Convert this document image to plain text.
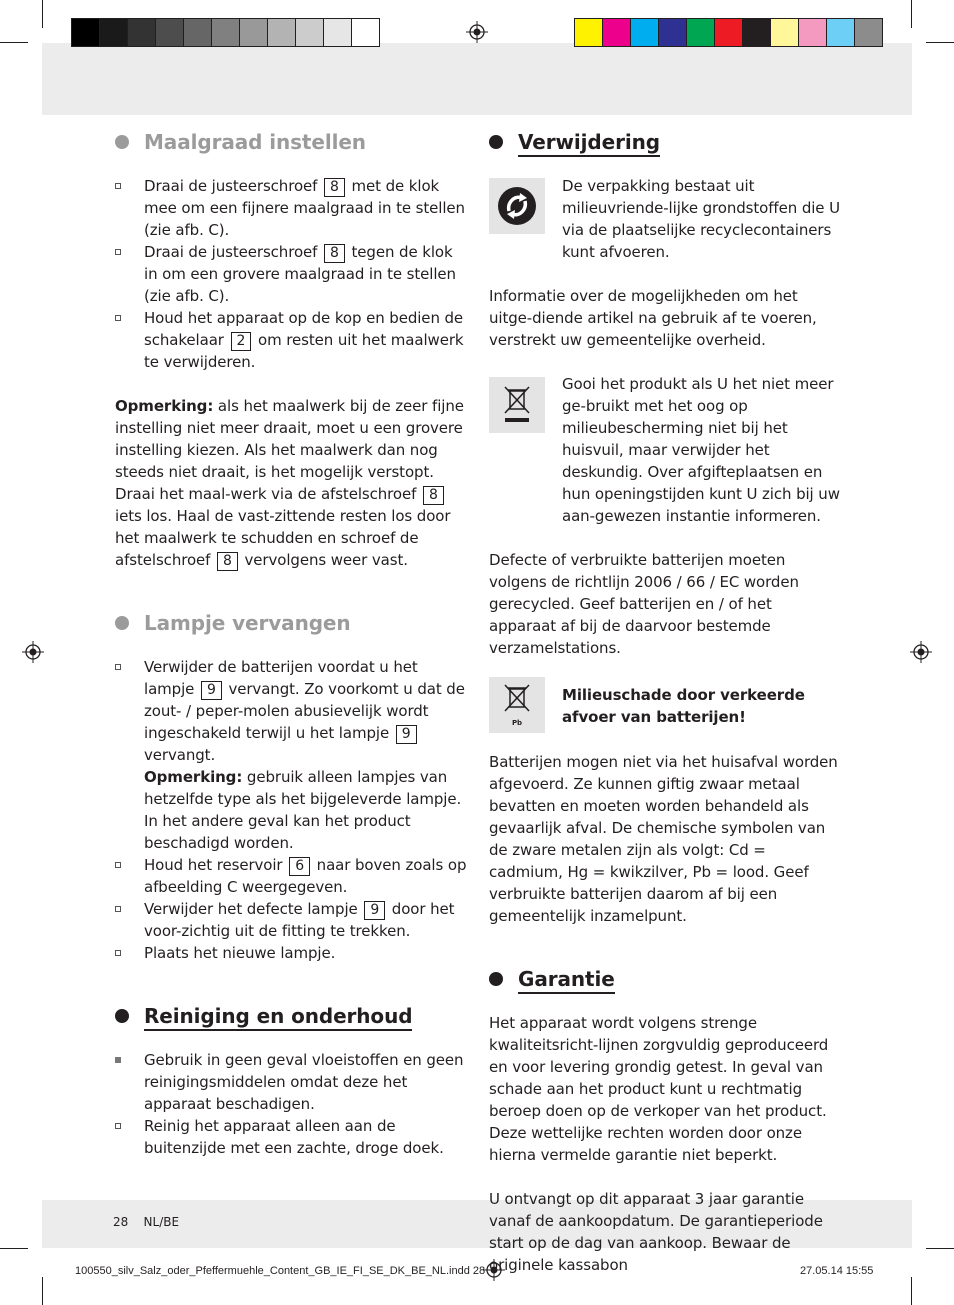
Maalgraad instellen
Draai de justeerschroef 8 met de klok mee om een fijnere maalgraad in te stellen (zie afb. C).
Draai de justeerschroef 8 tegen de klok in om een grovere maalgraad in te stellen (zie afb. C).
Houd het apparaat op de kop en bedien de schakelaar 2 om resten uit het maalwerk te verwijderen.

Opmerking: als het maalwerk bij de zeer fijne instelling niet meer draait, moet u een grovere instelling kiezen. Als het maalwerk dan nog steeds niet draait, is het mogelijk verstopt. Draai het maal-werk via de afstelschroef 8 iets los. Haal de vast-zittende resten los door het maalwerk te schudden en schroef de afstelschroef 8 vervolgens weer vast.

Lampje vervangen
Verwijder de batterijen voordat u het lampje 9 vervangt. Zo voorkomt u dat de zout- / peper-molen abusievelijk wordt ingeschakeld terwijl u het lampje 9 vervangt.
Opmerking: gebruik alleen lampjes van hetzelfde type als het bijgeleverde lampje. In het andere geval kan het product beschadigd worden.
Houd het reservoir 6 naar boven zoals op afbeelding C weergegeven.
Verwijder het defecte lampje 9 door het voor-zichtig uit de fitting te trekken.
Plaats het nieuwe lampje.
Reiniging en onderhoud
Gebruik in geen geval vloeistoffen en geen reinigingsmiddelen omdat deze het apparaat beschadigen.
Reinig het apparaat alleen aan de buitenzijde met een zachte, droge doek.
Verwijdering

De verpakking bestaat uit milieuvriende-lijke grondstoffen die U via de plaatselijke recyclecontainers kunt afvoeren.

Informatie over de mogelijkheden om het uitge-diende artikel na gebruik af te voeren, verstrekt uw gemeentelijke overheid.

Gooi het produkt als U het niet meer ge-bruikt met het oog op milieubescherming niet bij het huisvuil, maar verwijder het deskundig. Over afgifteplaatsen en hun openingstijden kunt U zich bij uw aan-gewezen instantie informeren.

Defecte of verbruikte batterijen moeten volgens de richtlijn 2006 / 66 / EC worden gerecycled. Geef batterijen en / of het apparaat af bij de daarvoor bestemde verzamelstations.

Pb

Milieuschade door verkeerde afvoer van batterijen!

Batterijen mogen niet via het huisafval worden afgevoerd. Ze kunnen giftig zwaar metaal bevatten en moeten worden behandeld als gevaarlijk afval. De chemische symbolen van de zware metalen zijn als volgt: Cd = cadmium, Hg = kwikzilver, Pb = lood. Geef verbruikte batterijen daarom af bij een gemeentelijk inzamelpunt.

Garantie

Het apparaat wordt volgens strenge kwaliteitsricht-lijnen zorgvuldig geproduceerd en voor levering grondig getest. In geval van schade aan het product kunt u rechtmatig beroep doen op de verkoper van het product. Deze wettelijke rechten worden door onze hierna vermelde garantie niet beperkt.

U ontvangt op dit apparaat 3 jaar garantie vanaf de aankoopdatum. De garantieperiode start op de dag van aankoop. Bewaar de originele kassabon

28 NL/BE
100550_silv_Salz_oder_Pfeffermuehle_Content_GB_IE_FI_SE_DK_BE_NL.indd 28	27.05.14 15:55
